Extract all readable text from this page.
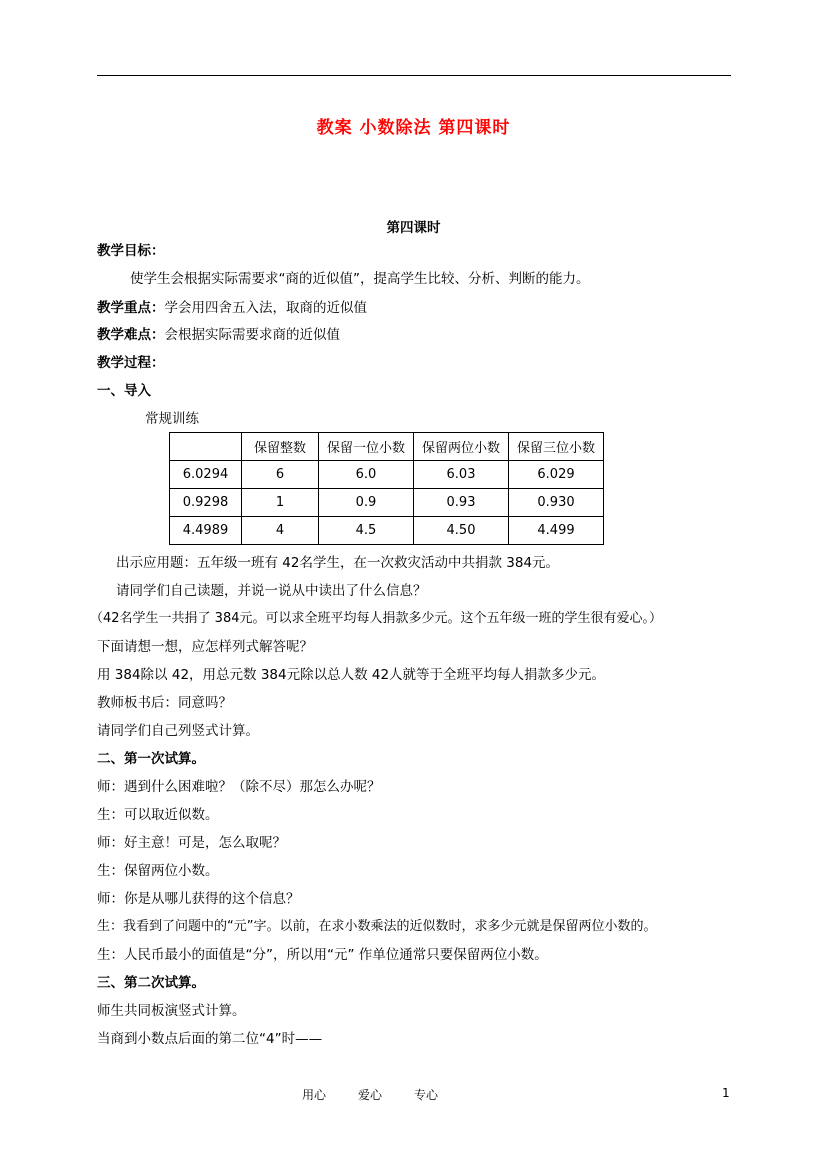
教案 小数除法 第四课时
第四课时
教学目标：
使学生会根据实际需要求“商的近似值”，提高学生比较、分析、判断的能力。
教学重点：学会用四舍五入法，取商的近似值
教学难点：会根据实际需要求商的近似值
教学过程：
一、导入
常规训练
	保留整数	保留一位小数	保留两位小数	保留三位小数
6.0294	6	6.0	6.03	6.029
0.9298	1	0.9	0.93	0.930
4.4989	4	4.5	4.50	4.499
出示应用题：五年级一班有 42名学生，在一次救灾活动中共捐款 384元。
请同学们自己读题，并说一说从中读出了什么信息？
（42名学生一共捐了 384元。可以求全班平均每人捐款多少元。这个五年级一班的学生很有爱心。）
下面请想一想，应怎样列式解答呢？
用 384除以 42，用总元数 384元除以总人数 42人就等于全班平均每人捐款多少元。
教师板书后：同意吗？
请同学们自己列竖式计算。
二、第一次试算。
师：遇到什么困难啦？（除不尽）那怎么办呢？
生：可以取近似数。
师：好主意！可是，怎么取呢？
生：保留两位小数。
师：你是从哪儿获得的这个信息？
生：我看到了问题中的“元”字。以前，在求小数乘法的近似数时，求多少元就是保留两位小数的。
生：人民币最小的面值是“分”，所以用“元” 作单位通常只要保留两位小数。
三、第二次试算。
师生共同板演竖式计算。
当商到小数点后面的第二位“4”时——
用心	爱心	专心	1
